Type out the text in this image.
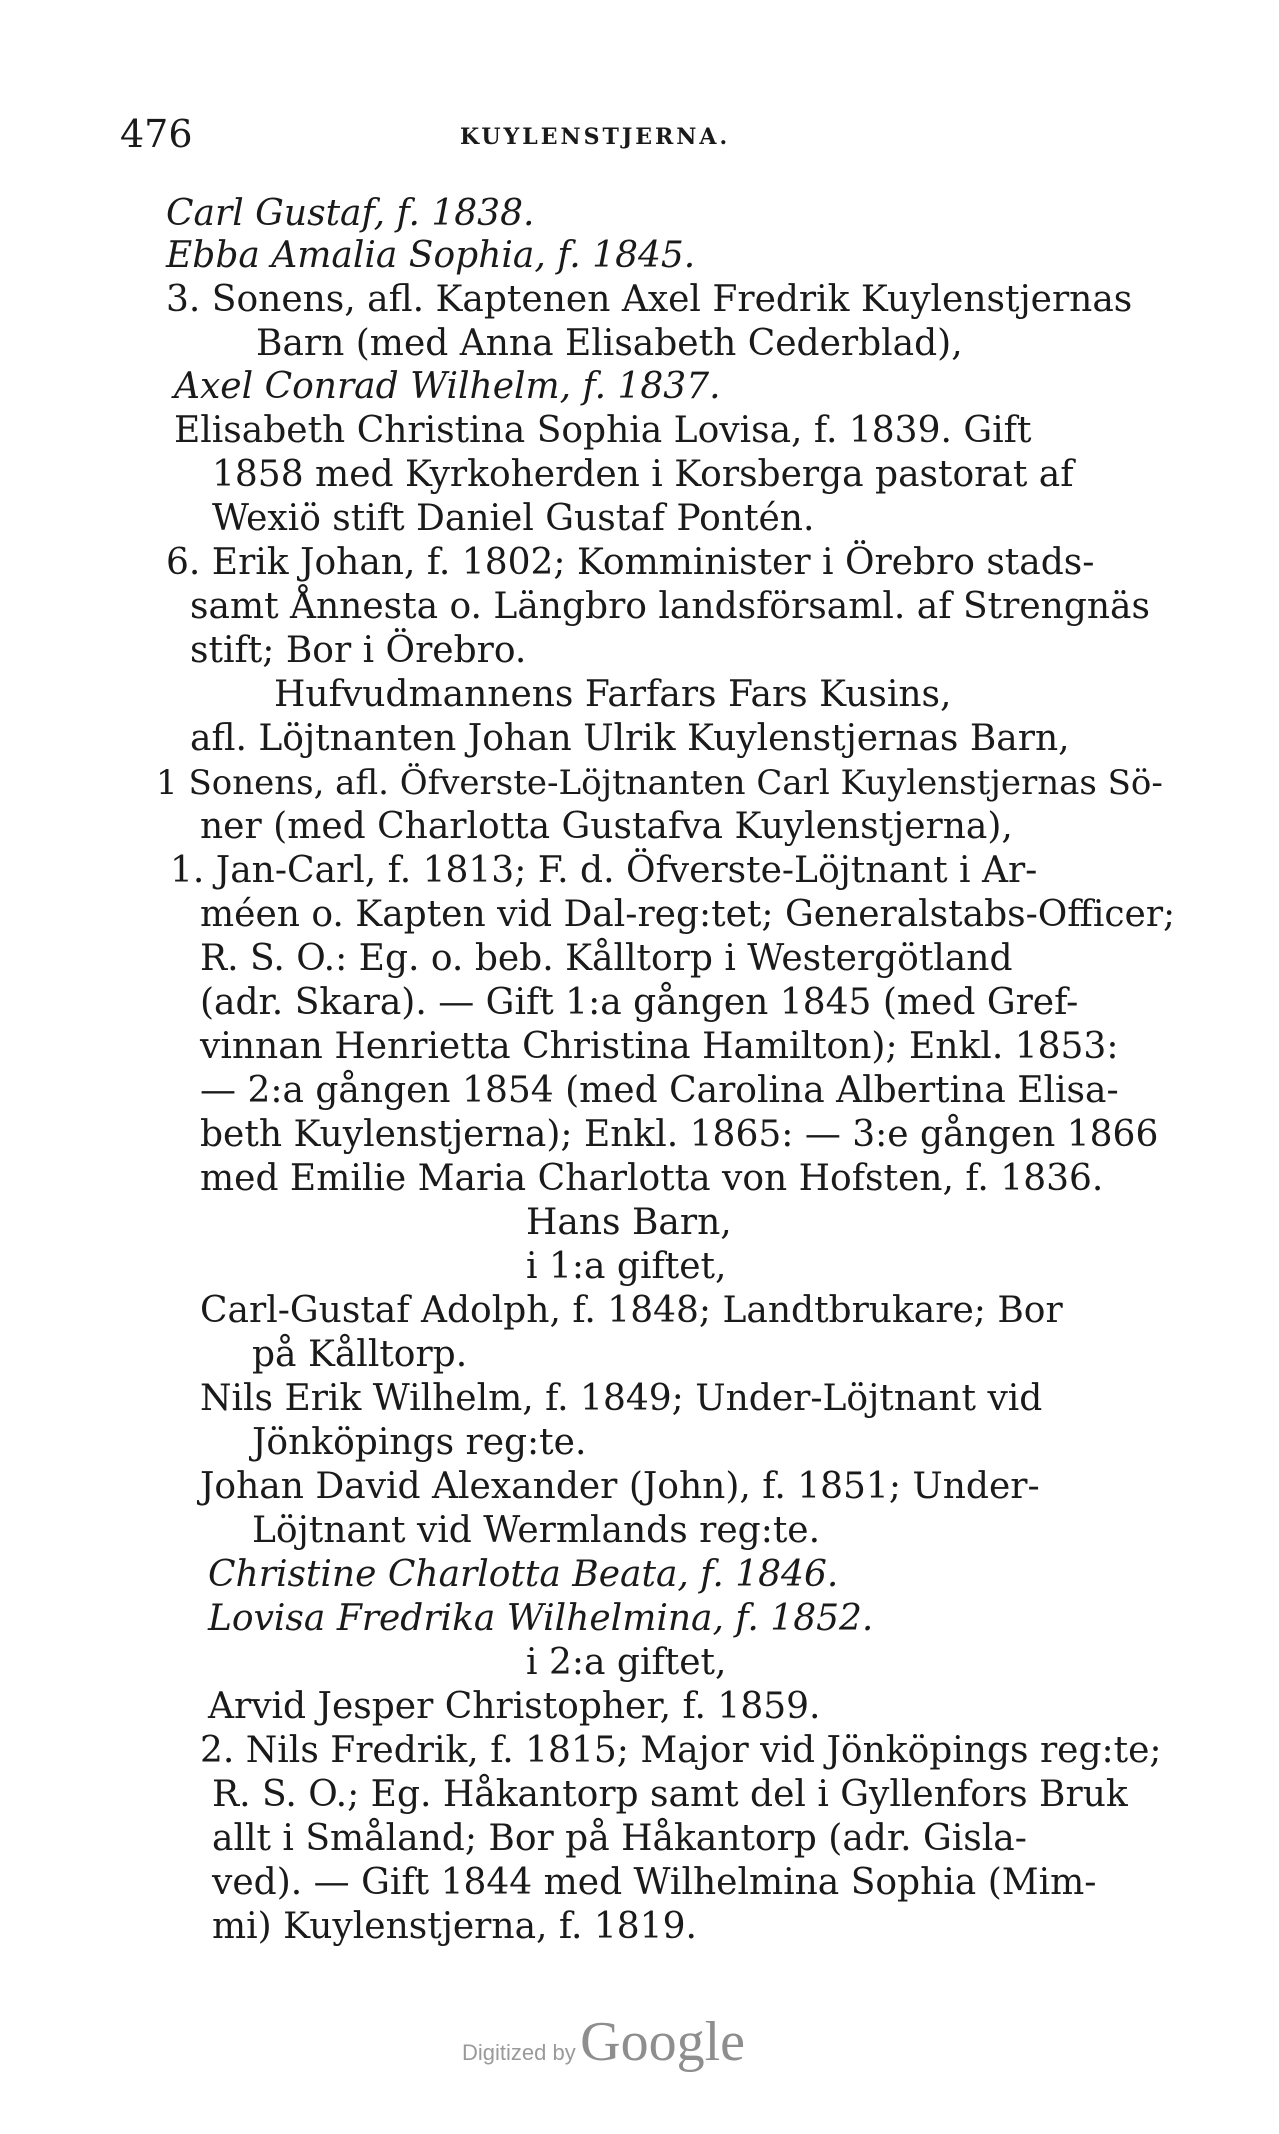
476	KUYLENSTJERNA.
Carl Gustaf, f. 1838.
Ebba Amalia Sophia, f. 1845.
3. Sonens, afl. Kaptenen Axel Fredrik Kuylenstjernas
Barn (med Anna Elisabeth Cederblad),
Axel Conrad Wilhelm, f. 1837.
Elisabeth Christina Sophia Lovisa, f. 1839. Gift
1858 med Kyrkoherden i Korsberga pastorat af
Wexiö stift Daniel Gustaf Pontén.
6. Erik Johan, f. 1802; Komminister i Örebro stads-
samt Ånnesta o. Längbro landsförsaml. af Strengnäs
stift; Bor i Örebro.
Hufvudmannens Farfars Fars Kusins,
afl. Löjtnanten Johan Ulrik Kuylenstjernas Barn,
1 Sonens, afl. Öfverste-Löjtnanten Carl Kuylenstjernas Sö-
ner (med Charlotta Gustafva Kuylenstjerna),
1. Jan-Carl, f. 1813; F. d. Öfverste-Löjtnant i Ar-
méen o. Kapten vid Dal-reg:tet; Generalstabs-Officer;
R. S. O.: Eg. o. beb. Kålltorp i Westergötland
(adr. Skara). — Gift 1:a gången 1845 (med Gref-
vinnan Henrietta Christina Hamilton); Enkl. 1853:
— 2:a gången 1854 (med Carolina Albertina Elisa-
beth Kuylenstjerna); Enkl. 1865: — 3:e gången 1866
med Emilie Maria Charlotta von Hofsten, f. 1836.
Hans Barn,
i 1:a giftet,
Carl-Gustaf Adolph, f. 1848; Landtbrukare; Bor
på Kålltorp.
Nils Erik Wilhelm, f. 1849; Under-Löjtnant vid
Jönköpings reg:te.
Johan David Alexander (John), f. 1851; Under-
Löjtnant vid Wermlands reg:te.
Christine Charlotta Beata, f. 1846.
Lovisa Fredrika Wilhelmina, f. 1852.
i 2:a giftet,
Arvid Jesper Christopher, f. 1859.
2. Nils Fredrik, f. 1815; Major vid Jönköpings reg:te;
R. S. O.; Eg. Håkantorp samt del i Gyllenfors Bruk
allt i Småland; Bor på Håkantorp (adr. Gisla-
ved). — Gift 1844 med Wilhelmina Sophia (Mim-
mi) Kuylenstjerna, f. 1819.
Digitized by Google
